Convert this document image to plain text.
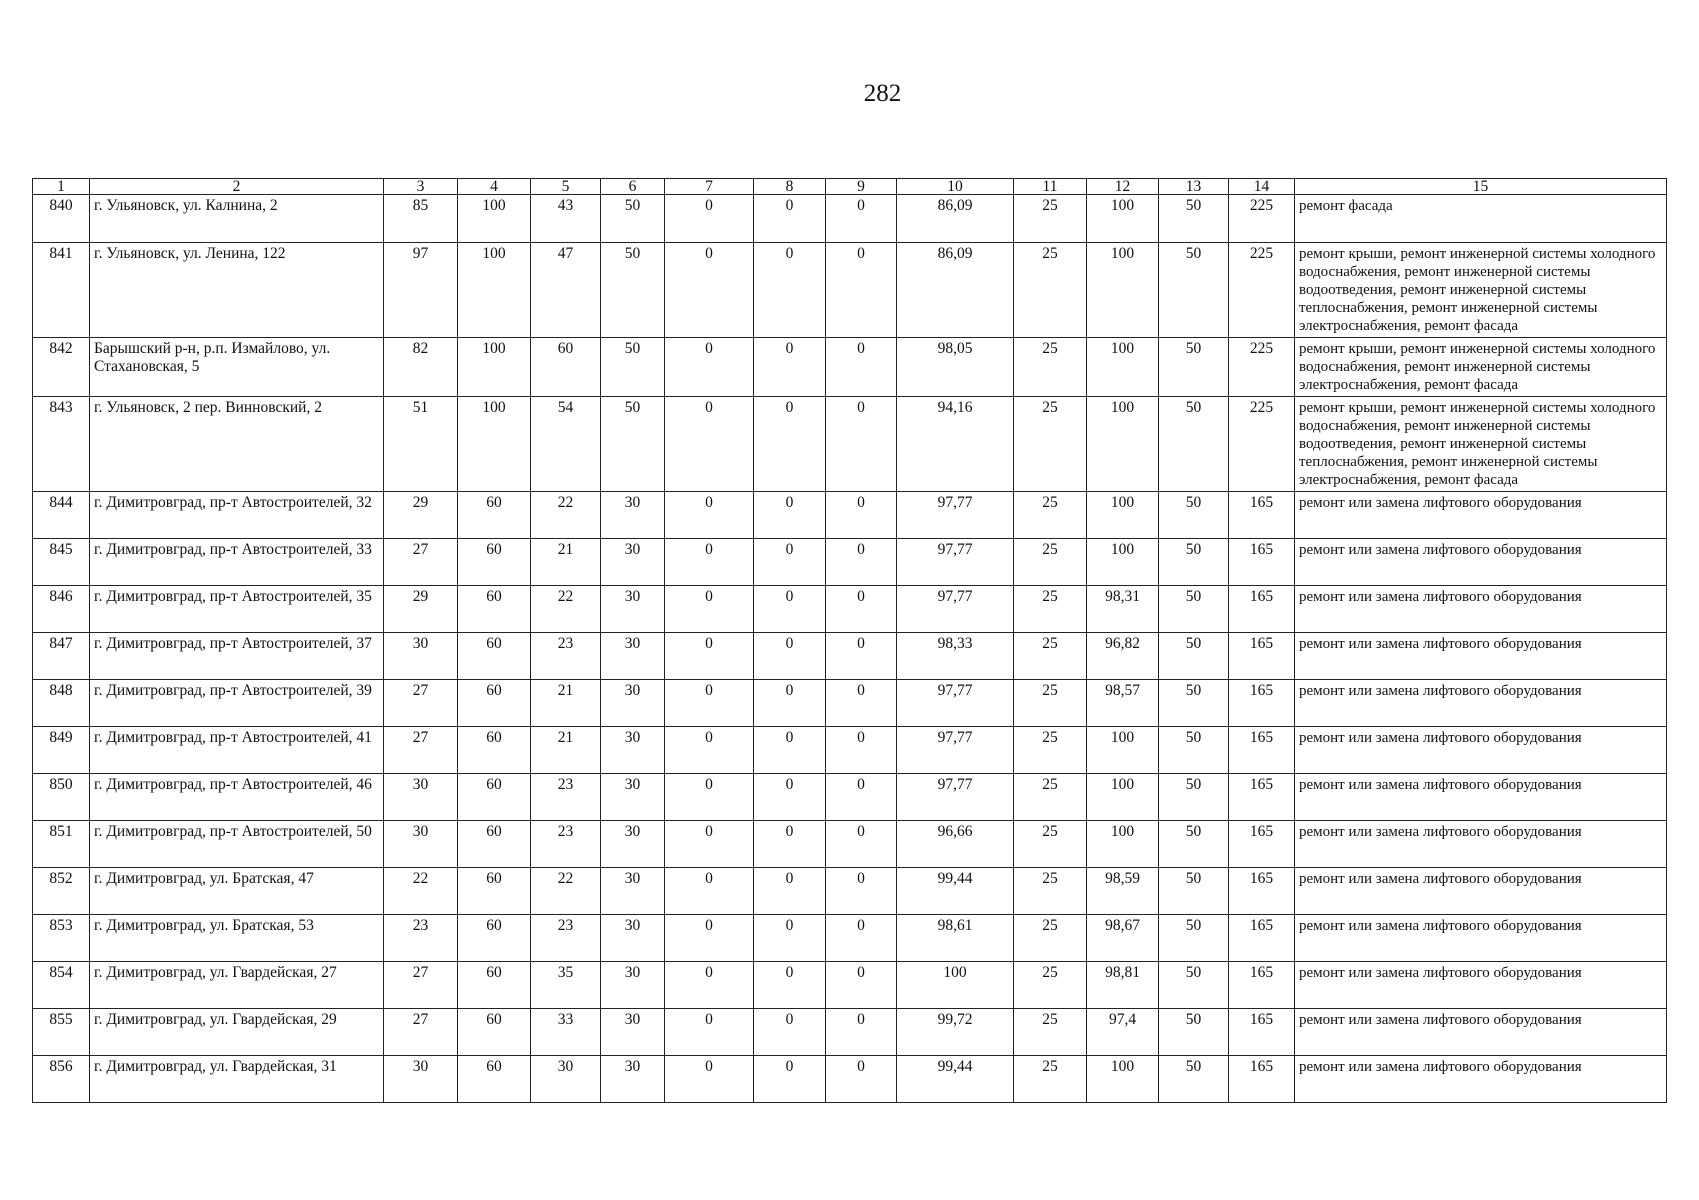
282
1	2	3	4	5	6	7	8	9	10	11	12	13	14	15
840	г. Ульяновск, ул. Калнина, 2	85	100	43	50	0	0	0	86,09	25	100	50	225	ремонт фасада
841	г. Ульяновск, ул. Ленина, 122	97	100	47	50	0	0	0	86,09	25	100	50	225	ремонт крыши, ремонт инженерной системы холодного водоснабжения, ремонт инженерной системы водоотведения, ремонт инженерной системы теплоснабжения, ремонт инженерной системы электроснабжения, ремонт фасада
842	Барышский р-н, р.п. Измайлово, ул. Стахановская, 5	82	100	60	50	0	0	0	98,05	25	100	50	225	ремонт крыши, ремонт инженерной системы холодного водоснабжения, ремонт инженерной системы электроснабжения, ремонт фасада
843	г. Ульяновск, 2 пер. Винновский, 2	51	100	54	50	0	0	0	94,16	25	100	50	225	ремонт крыши, ремонт инженерной системы холодного водоснабжения, ремонт инженерной системы водоотведения, ремонт инженерной системы теплоснабжения, ремонт инженерной системы электроснабжения, ремонт фасада
844	г. Димитровград, пр-т Автостроителей, 32	29	60	22	30	0	0	0	97,77	25	100	50	165	ремонт или замена лифтового оборудования
845	г. Димитровград, пр-т Автостроителей, 33	27	60	21	30	0	0	0	97,77	25	100	50	165	ремонт или замена лифтового оборудования
846	г. Димитровград, пр-т Автостроителей, 35	29	60	22	30	0	0	0	97,77	25	98,31	50	165	ремонт или замена лифтового оборудования
847	г. Димитровград, пр-т Автостроителей, 37	30	60	23	30	0	0	0	98,33	25	96,82	50	165	ремонт или замена лифтового оборудования
848	г. Димитровград, пр-т Автостроителей, 39	27	60	21	30	0	0	0	97,77	25	98,57	50	165	ремонт или замена лифтового оборудования
849	г. Димитровград, пр-т Автостроителей, 41	27	60	21	30	0	0	0	97,77	25	100	50	165	ремонт или замена лифтового оборудования
850	г. Димитровград, пр-т Автостроителей, 46	30	60	23	30	0	0	0	97,77	25	100	50	165	ремонт или замена лифтового оборудования
851	г. Димитровград, пр-т Автостроителей, 50	30	60	23	30	0	0	0	96,66	25	100	50	165	ремонт или замена лифтового оборудования
852	г. Димитровград, ул. Братская, 47	22	60	22	30	0	0	0	99,44	25	98,59	50	165	ремонт или замена лифтового оборудования
853	г. Димитровград, ул. Братская, 53	23	60	23	30	0	0	0	98,61	25	98,67	50	165	ремонт или замена лифтового оборудования
854	г. Димитровград, ул. Гвардейская, 27	27	60	35	30	0	0	0	100	25	98,81	50	165	ремонт или замена лифтового оборудования
855	г. Димитровград, ул. Гвардейская, 29	27	60	33	30	0	0	0	99,72	25	97,4	50	165	ремонт или замена лифтового оборудования
856	г. Димитровград, ул. Гвардейская, 31	30	60	30	30	0	0	0	99,44	25	100	50	165	ремонт или замена лифтового оборудования
